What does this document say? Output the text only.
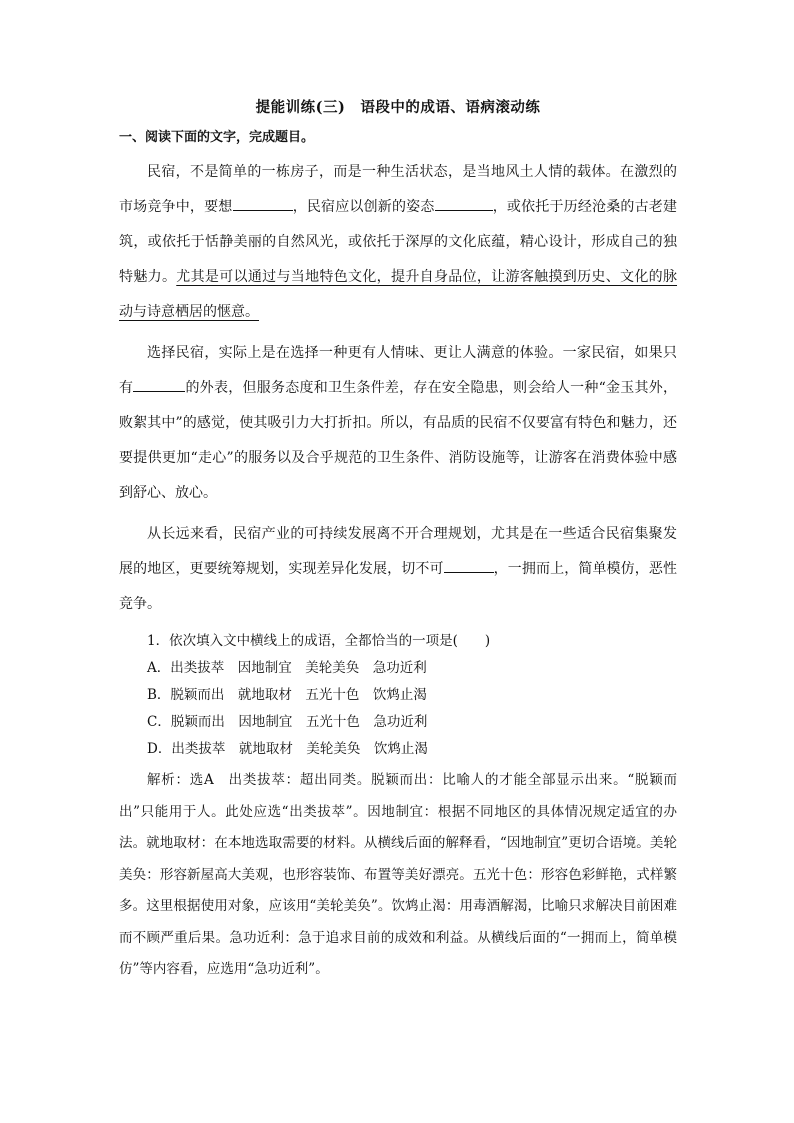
提能训练(三)　语段中的成语、语病滚动练
一、阅读下面的文字，完成题目。

民宿，不是简单的一栋房子，而是一种生活状态，是当地风土人情的载体。在激烈的市场竞争中，要想	，民宿应以创新的姿态	，或依托于历经沧桑的古老建筑，或依托于恬静美丽的自然风光，或依托于深厚的文化底蕴，精心设计，形成自己的独特魅力。尤其是可以通过与当地特色文化，提升自身品位，让游客触摸到历史、文化的脉动与诗意栖居的惬意。

选择民宿，实际上是在选择一种更有人情味、更让人满意的体验。一家民宿，如果只有	的外表，但服务态度和卫生条件差，存在安全隐患，则会给人一种“金玉其外，败絮其中”的感觉，使其吸引力大打折扣。所以，有品质的民宿不仅要富有特色和魅力，还要提供更加“走心”的服务以及合乎规范的卫生条件、消防设施等，让游客在消费体验中感到舒心、放心。

从长远来看，民宿产业的可持续发展离不开合理规划，尤其是在一些适合民宿集聚发展的地区，更要统筹规划，实现差异化发展，切不可	，一拥而上，简单模仿，恶性竞争。

1．依次填入文中横线上的成语，全都恰当的一项是(　　)

A．出类拔萃　因地制宜　美轮美奂　急功近利

B．脱颖而出　就地取材　五光十色　饮鸩止渴

C．脱颖而出　因地制宜　五光十色　急功近利

D．出类拔萃　就地取材　美轮美奂　饮鸩止渴

解析：选A　出类拔萃：超出同类。脱颖而出：比喻人的才能全部显示出来。“脱颖而出”只能用于人。此处应选“出类拔萃”。因地制宜：根据不同地区的具体情况规定适宜的办法。就地取材：在本地选取需要的材料。从横线后面的解释看，“因地制宜”更切合语境。美轮美奂：形容新屋高大美观，也形容装饰、布置等美好漂亮。五光十色：形容色彩鲜艳，式样繁多。这里根据使用对象，应该用“美轮美奂”。饮鸩止渴：用毒酒解渴，比喻只求解决目前困难而不顾严重后果。急功近利：急于追求目前的成效和利益。从横线后面的“一拥而上，简单模仿”等内容看，应选用“急功近利”。
